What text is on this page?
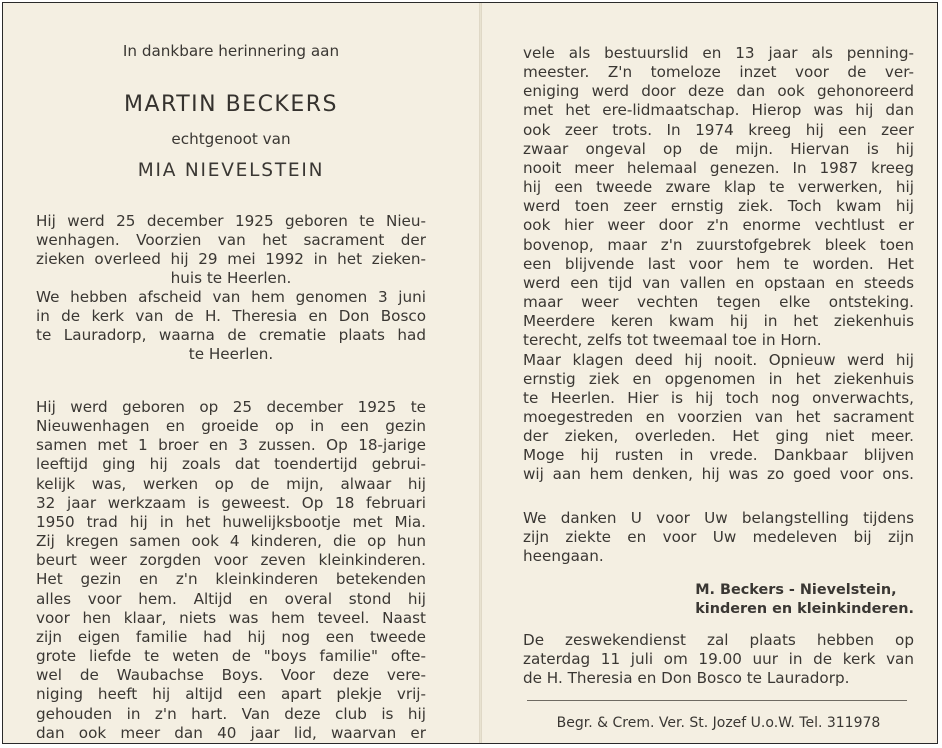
In dankbare herinnering aan
MARTIN BECKERS
echtgenoot van
MIA NIEVELSTEIN
Hij werd 25 december 1925 geboren te Nieu-
wenhagen. Voorzien van het sacrament der
zieken overleed hij 29 mei 1992 in het zieken-
huis te Heerlen.
We hebben afscheid van hem genomen 3 juni
in de kerk van de H. Theresia en Don Bosco
te Lauradorp, waarna de crematie plaats had
te Heerlen.
Hij werd geboren op 25 december 1925 te
Nieuwenhagen en groeide op in een gezin
samen met 1 broer en 3 zussen. Op 18-jarige
leeftijd ging hij zoals dat toendertijd gebrui-
kelijk was, werken op de mijn, alwaar hij
32 jaar werkzaam is geweest. Op 18 februari
1950 trad hij in het huwelijksbootje met Mia.
Zij kregen samen ook 4 kinderen, die op hun
beurt weer zorgden voor zeven kleinkinderen.
Het gezin en z'n kleinkinderen betekenden
alles voor hem. Altijd en overal stond hij
voor hen klaar, niets was hem teveel. Naast
zijn eigen familie had hij nog een tweede
grote liefde te weten de "boys familie" ofte-
wel de Waubachse Boys. Voor deze vere-
niging heeft hij altijd een apart plekje vrij-
gehouden in z'n hart. Van deze club is hij
dan ook meer dan 40 jaar lid, waarvan er
vele als bestuurslid en 13 jaar als penning-
meester. Z'n tomeloze inzet voor de ver-
eniging werd door deze dan ook gehonoreerd
met het ere-lidmaatschap. Hierop was hij dan
ook zeer trots. In 1974 kreeg hij een zeer
zwaar ongeval op de mijn. Hiervan is hij
nooit meer helemaal genezen. In 1987 kreeg
hij een tweede zware klap te verwerken, hij
werd toen zeer ernstig ziek. Toch kwam hij
ook hier weer door z'n enorme vechtlust er
bovenop, maar z'n zuurstofgebrek bleek toen
een blijvende last voor hem te worden. Het
werd een tijd van vallen en opstaan en steeds
maar weer vechten tegen elke ontsteking.
Meerdere keren kwam hij in het ziekenhuis
terecht, zelfs tot tweemaal toe in Horn.
Maar klagen deed hij nooit. Opnieuw werd hij
ernstig ziek en opgenomen in het ziekenhuis
te Heerlen. Hier is hij toch nog onverwachts,
moegestreden en voorzien van het sacrament
der zieken, overleden. Het ging niet meer.
Moge hij rusten in vrede. Dankbaar blijven
wij aan hem denken, hij was zo goed voor ons.
We danken U voor Uw belangstelling tijdens
zijn ziekte en voor Uw medeleven bij zijn
heengaan.
M. Beckers - Nievelstein,
kinderen en kleinkinderen.
De zeswekendienst zal plaats hebben op
zaterdag 11 juli om 19.00 uur in de kerk van
de H. Theresia en Don Bosco te Lauradorp.
Begr. & Crem. Ver. St. Jozef U.o.W. Tel. 311978
